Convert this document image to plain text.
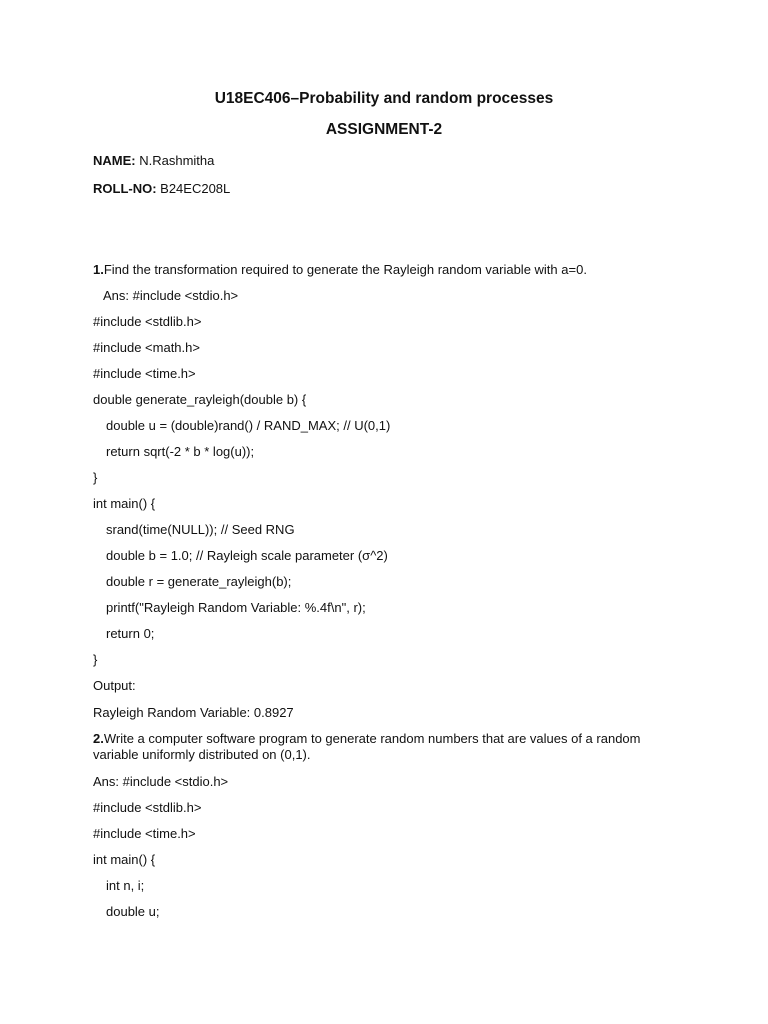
U18EC406–Probability and random processes
ASSIGNMENT-2
NAME: N.Rashmitha
ROLL-NO: B24EC208L
1.Find the transformation required to generate the Rayleigh random variable with a=0.
Ans: #include <stdio.h>
#include <stdlib.h>
#include <math.h>
#include <time.h>
double generate_rayleigh(double b) {
double u = (double)rand() / RAND_MAX; // U(0,1)
return sqrt(-2 * b * log(u));
}
int main() {
srand(time(NULL)); // Seed RNG
double b = 1.0; // Rayleigh scale parameter (σ^2)
double r = generate_rayleigh(b);
printf("Rayleigh Random Variable: %.4f\n", r);
return 0;
}
Output:
Rayleigh Random Variable: 0.8927
2.Write a computer software program to generate random numbers that are values of a random variable uniformly distributed on (0,1).
Ans: #include <stdio.h>
#include <stdlib.h>
#include <time.h>
int main() {
int n, i;
double u;
